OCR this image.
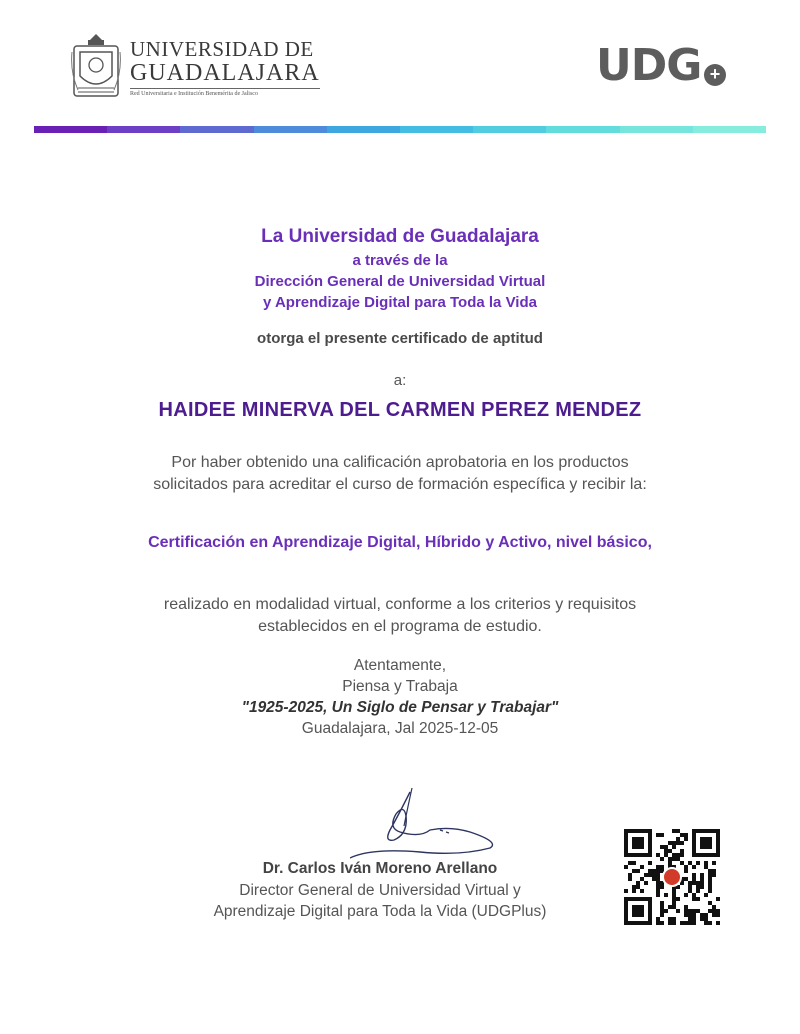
UNIVERSIDAD DE
GUADALAJARA
Red Universitaria e Institución Benemérita de Jalisco
UDG +
La Universidad de Guadalajara
a través de la
Dirección General de Universidad Virtual
y Aprendizaje Digital para Toda la Vida
otorga el presente certificado de aptitud
a:
HAIDEE MINERVA DEL CARMEN PEREZ MENDEZ
Por haber obtenido una calificación aprobatoria en los productos
solicitados para acreditar el curso de formación específica y recibir la:
Certificación en Aprendizaje Digital, Híbrido y Activo, nivel básico,
realizado en modalidad virtual, conforme a los criterios y requisitos
establecidos en el programa de estudio.
Atentamente,
Piensa y Trabaja
"1925-2025, Un Siglo de Pensar y Trabajar"
Guadalajara, Jal 2025-12-05
Dr. Carlos Iván Moreno Arellano
Director General de Universidad Virtual y
Aprendizaje Digital para Toda la Vida (UDGPlus)
